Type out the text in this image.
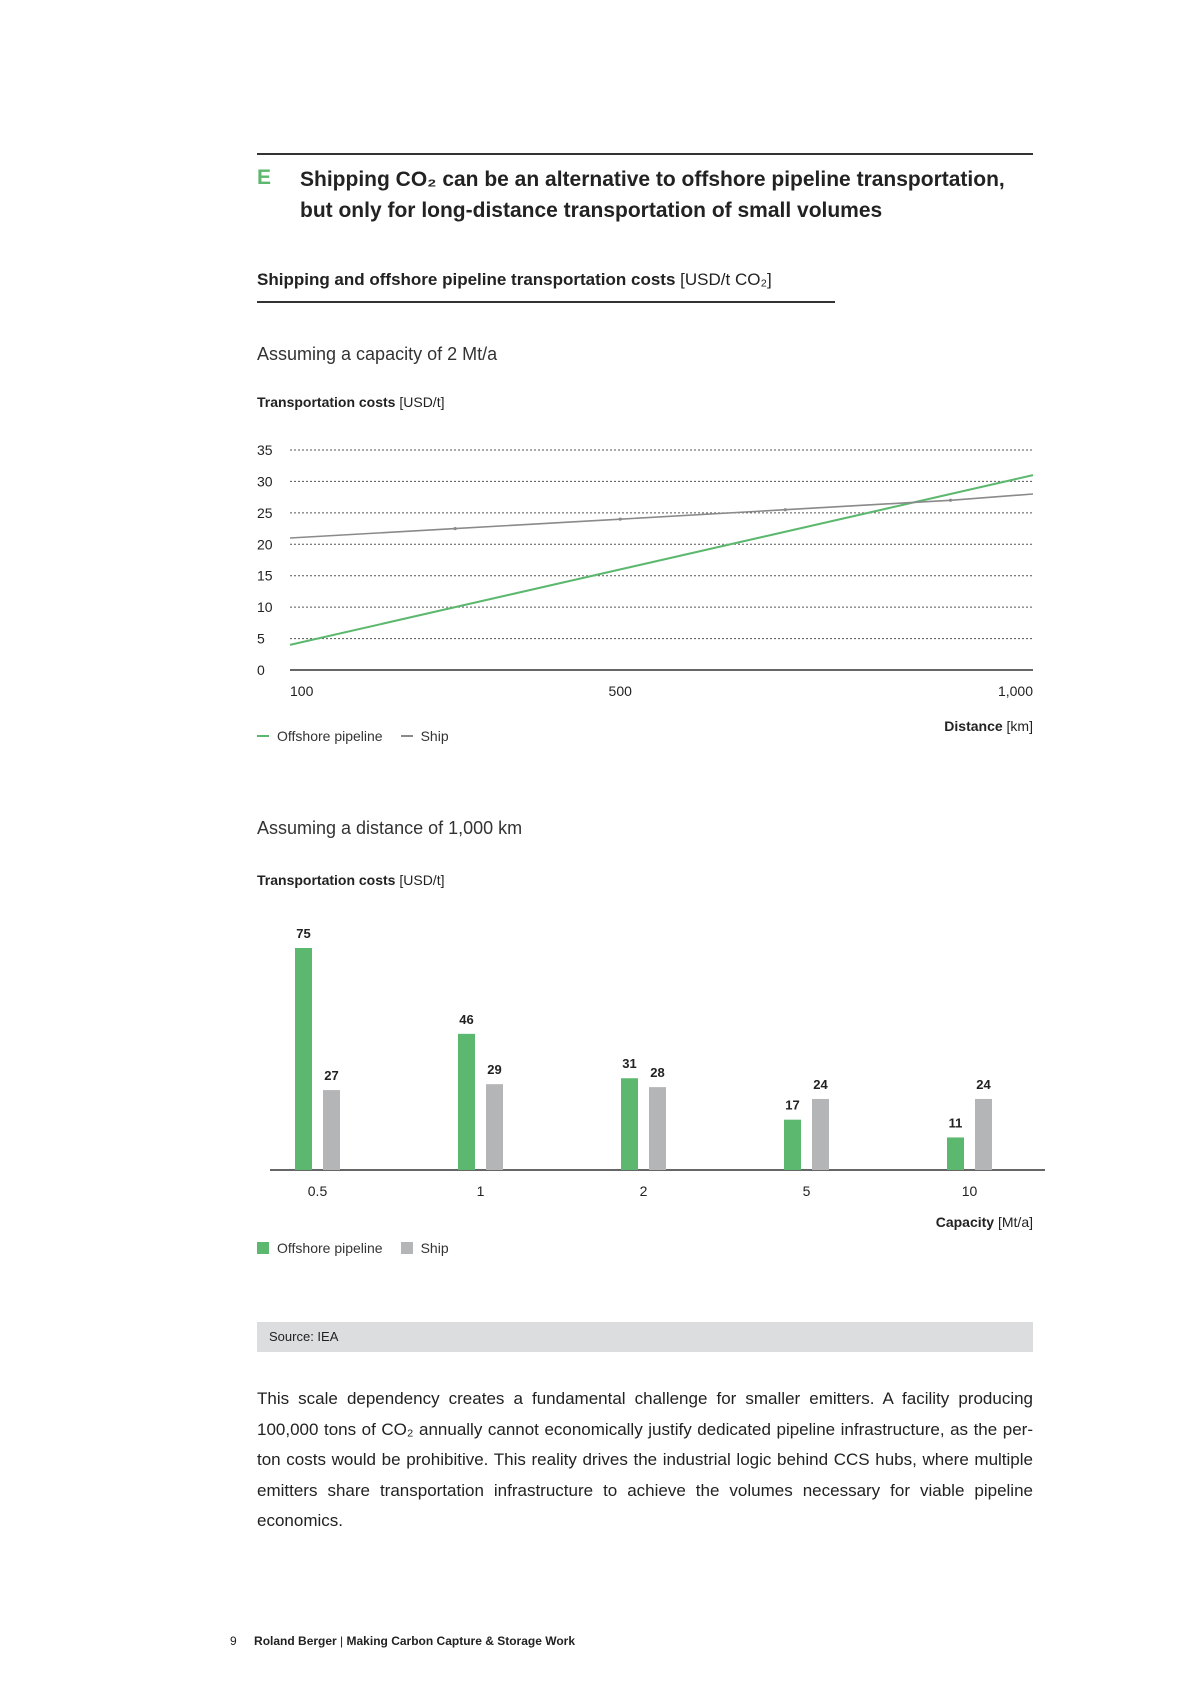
E Shipping CO₂ can be an alternative to offshore pipeline transportation, but only for long-distance transportation of small volumes
Shipping and offshore pipeline transportation costs [USD/t CO₂]
Assuming a capacity of 2 Mt/a
Transportation costs [USD/t]
0
5
10
15
20
25
30
35
100	500	1,000
Distance [km]
Offshore pipeline	Ship
Assuming a distance of 1,000 km
Transportation costs [USD/t]
75
27
0.5
46
29
1
31
28
2
17
24
5
11
24
10
Capacity [Mt/a]
Offshore pipeline	Ship
Source: IEA
This scale dependency creates a fundamental challenge for smaller emitters. A facility producing 100,000 tons of CO₂ annually cannot economically justify dedicated pipeline infrastructure, as the per-ton costs would be prohibitive. This reality drives the industrial logic behind CCS hubs, where multiple emitters share transportation infrastructure to achieve the volumes necessary for viable pipeline economics.
9 Roland Berger | Making Carbon Capture & Storage Work
